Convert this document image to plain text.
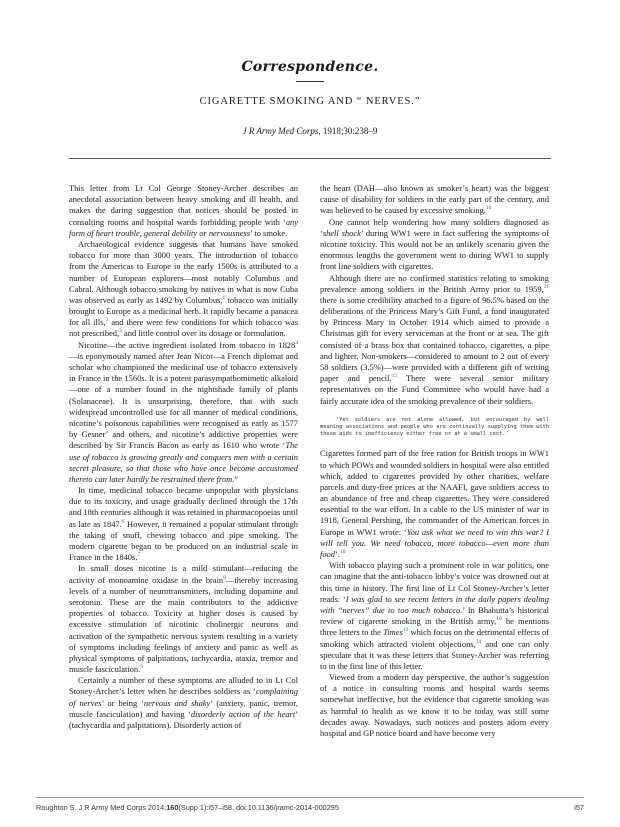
Correspondence.
CIGARETTE SMOKING AND “ NERVES.”
J R Army Med Corps, 1918;30:238–9

This letter from Lt Col George Stoney-Archer describes an anecdotal association between heavy smoking and ill health, and makes the daring suggestion that notices should be posted in consulting rooms and hospital wards forbidding people with ‘any form of heart trouble, general debility or nervousness’ to smoke.

Archaeological evidence suggests that humans have smoked tobacco for more than 3000 years. The introduction of tobacco from the Americas to Europe in the early 1500s is attributed to a number of European explorers—most notably Columbus and Cabral. Although tobacco smoking by natives in what is now Cuba was observed as early as 1492 by Columbus,$^1$ tobacco was initially brought to Europe as a medicinal herb. It rapidly became a panacea for all ills,$^2$ and there were few conditions for which tobacco was not prescribed,$^3$ and little control over its dosage or formulation.

Nicotine—the active ingredient isolated from tobacco in 1828$^4$—is eponymously named after Jean Nicot—a French diplomat and scholar who championed the medicinal use of tobacco extensively in France in the 1560s. It is a potent parasympathomimetic alkaloid—one of a number found in the nightshade family of plants (Solanaceae). It is unsurprising, therefore, that with such widespread uncontrolled use for all manner of medical conditions, nicotine’s poisonous capabilities were recognised as early as 1577 by Gesner$^5$ and others, and nicotine’s addictive properties were described by Sir Francis Bacon as early as 1610 who wrote ‘The use of tobacco is growing greatly and conquers men with a certain secret pleasure, so that those who have once become accustomed thereto can later hardly be restrained there from.”

In time, medicinal tobacco became unpopular with physicians due to its toxicity, and usage gradually declined through the 17th and 18th centuries although it was retained in pharmacopoeias until as late as 1847.$^6$ However, it remained a popular stimulant through the taking of snuff, chewing tobacco and pipe smoking. The modern cigarette began to be produced on an industrial scale in France in the 1840s.$^7$

In small doses nicotine is a mild stimulant—reducing the activity of monoamine oxidase in the brain$^8$—thereby increasing levels of a number of neurotransmitters, including dopamine and serotonin. These are the main contributors to the addictive properties of tobacco. Toxicity at higher doses is caused by excessive stimulation of nicotinic cholinergic neurons and activation of the sympathetic nervous system resulting in a variety of symptoms including feelings of anxiety and panic as well as physical symptoms of palpitations, tachycardia, ataxia, tremor and muscle fasciculation.$^9$

Certainly a number of these symptoms are alluded to in Lt Col Stoney-Archer’s letter when he describes soldiers as ‘complaining of nerves’ or being ‘nervous and shaky’ (anxiety, panic, tremor, muscle fasciculation) and having ‘disorderly action of the heart’ (tachycardia and palpitations). Disorderly action of

the heart (DAH—also known as smoker’s heart) was the biggest cause of disability for soldiers in the early part of the century, and was believed to be caused by excessive smoking.$^{10}$

One cannot help wondering how many soldiers diagnosed as ‘shell shock’ during WW1 were in fact suffering the symptoms of nicotine toxicity. This would not be an unlikely scenario given the enormous lengths the government went to during WW1 to supply front line soldiers with cigarettes.

Although there are no confirmed statistics relating to smoking prevalence among soldiers in the British Army prior to 1959,11 there is some credibility attached to a figure of 96.5% based on the deliberations of the Princess Mary’s Gift Fund, a fund inaugurated by Princess Mary in October 1914 which aimed to provide a Christmas gift for every serviceman at the front or at sea. The gift consisted of a brass box that contained tobacco, cigarettes, a pipe and lighter. Non-smokers—considered to amount to 2 out of every 58 soldiers (3.5%)—were provided with a different gift of writing paper and pencil.$^{12}$ There were several senior military representatives on the Fund Committee who would have had a fairly accurate idea of the smoking prevalence of their soldiers.

‘Yet soldiers are not alone allowed, but encouraged by well meaning associations and people who are continually supplying them with these aids to inefficiency either free or at a small cost.’

Cigarettes formed part of the free ration for British troops in WW1 to which POWs and wounded soldiers in hospital were also entitled which, added to cigarettes provided by other charities, welfare parcels and duty-free prices at the NAAFI, gave soldiers access to an abundance of free and cheap cigarettes. They were considered essential to the war effort. In a cable to the US minister of war in 1918, General Pershing, the commander of the American forces in Europe in WW1 wrote: ‘You ask what we need to win this war? I will tell you. We need tobacco, more tobacco—even more than food’.$^{10}$

With tobacco playing such a prominent role in war politics, one can imagine that the anti-tobacco lobby’s voice was drowned out at this time in history. The first line of Lt Col Stoney-Archer’s letter reads: ‘I was glad to see recent letters in the daily papers dealing with “nerves” due to too much tobacco.’ In Bhabutta’s historical review of cigarette smoking in the British army,$^{10}$ he mentions three letters to the Times$^{13}$ which focus on the detrimental effects of smoking which attracted violent objections,$^{14}$ and one can only speculate that it was these letters that Stoney-Archer was referring to in the first line of this letter.

Viewed from a modern day perspective, the author’s suggestion of a notice in consulting rooms and hospital wards seems somewhat ineffective, but the evidence that cigarette smoking was as harmful to health as we know it to be today was still some decades away. Nowadays, such notices and posters adorn every hospital and GP notice board and have become very

Roughton S. J R Army Med Corps 2014;160(Supp 1):i57–i58. doi:10.1136/jramc-2014-000295	i57
